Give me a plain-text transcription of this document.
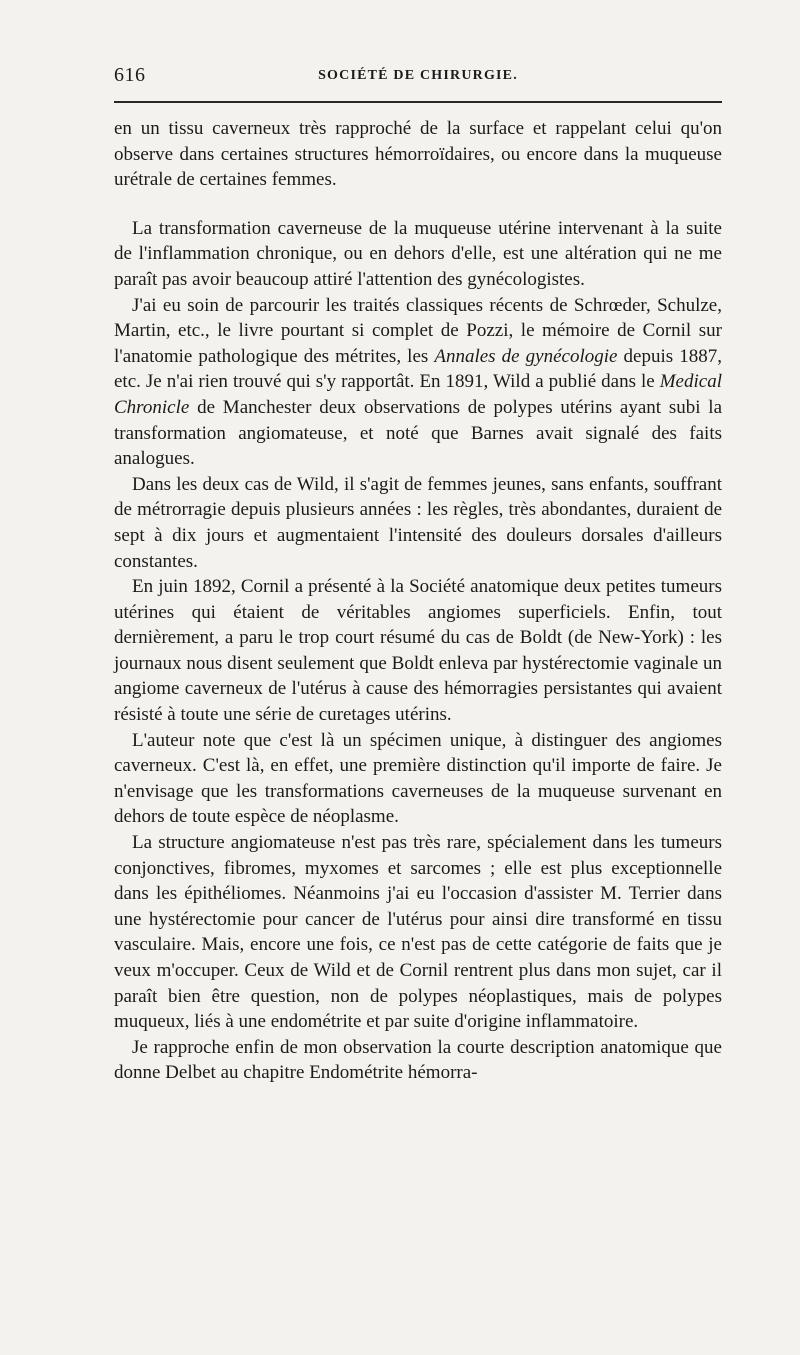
616	SOCIÉTÉ DE CHIRURGIE.

en un tissu caverneux très rapproché de la surface et rappelant celui qu'on observe dans certaines structures hémorroïdaires, ou encore dans la muqueuse urétrale de certaines femmes.

La transformation caverneuse de la muqueuse utérine intervenant à la suite de l'inflammation chronique, ou en dehors d'elle, est une altération qui ne me paraît pas avoir beaucoup attiré l'attention des gynécologistes.

J'ai eu soin de parcourir les traités classiques récents de Schrœder, Schulze, Martin, etc., le livre pourtant si complet de Pozzi, le mémoire de Cornil sur l'anatomie pathologique des métrites, les Annales de gynécologie depuis 1887, etc. Je n'ai rien trouvé qui s'y rapportât. En 1891, Wild a publié dans le Medical Chronicle de Manchester deux observations de polypes utérins ayant subi la transformation angiomateuse, et noté que Barnes avait signalé des faits analogues.

Dans les deux cas de Wild, il s'agit de femmes jeunes, sans enfants, souffrant de métrorragie depuis plusieurs années : les règles, très abondantes, duraient de sept à dix jours et augmentaient l'intensité des douleurs dorsales d'ailleurs constantes.

En juin 1892, Cornil a présenté à la Société anatomique deux petites tumeurs utérines qui étaient de véritables angiomes superficiels. Enfin, tout dernièrement, a paru le trop court résumé du cas de Boldt (de New-York) : les journaux nous disent seulement que Boldt enleva par hystérectomie vaginale un angiome caverneux de l'utérus à cause des hémorragies persistantes qui avaient résisté à toute une série de curetages utérins.

L'auteur note que c'est là un spécimen unique, à distinguer des angiomes caverneux. C'est là, en effet, une première distinction qu'il importe de faire. Je n'envisage que les transformations caverneuses de la muqueuse survenant en dehors de toute espèce de néoplasme.

La structure angiomateuse n'est pas très rare, spécialement dans les tumeurs conjonctives, fibromes, myxomes et sarcomes ; elle est plus exceptionnelle dans les épithéliomes. Néanmoins j'ai eu l'occasion d'assister M. Terrier dans une hystérectomie pour cancer de l'utérus pour ainsi dire transformé en tissu vasculaire. Mais, encore une fois, ce n'est pas de cette catégorie de faits que je veux m'occuper. Ceux de Wild et de Cornil rentrent plus dans mon sujet, car il paraît bien être question, non de polypes néoplastiques, mais de polypes muqueux, liés à une endométrite et par suite d'origine inflammatoire.

Je rapproche enfin de mon observation la courte description anatomique que donne Delbet au chapitre Endométrite hémorra-
